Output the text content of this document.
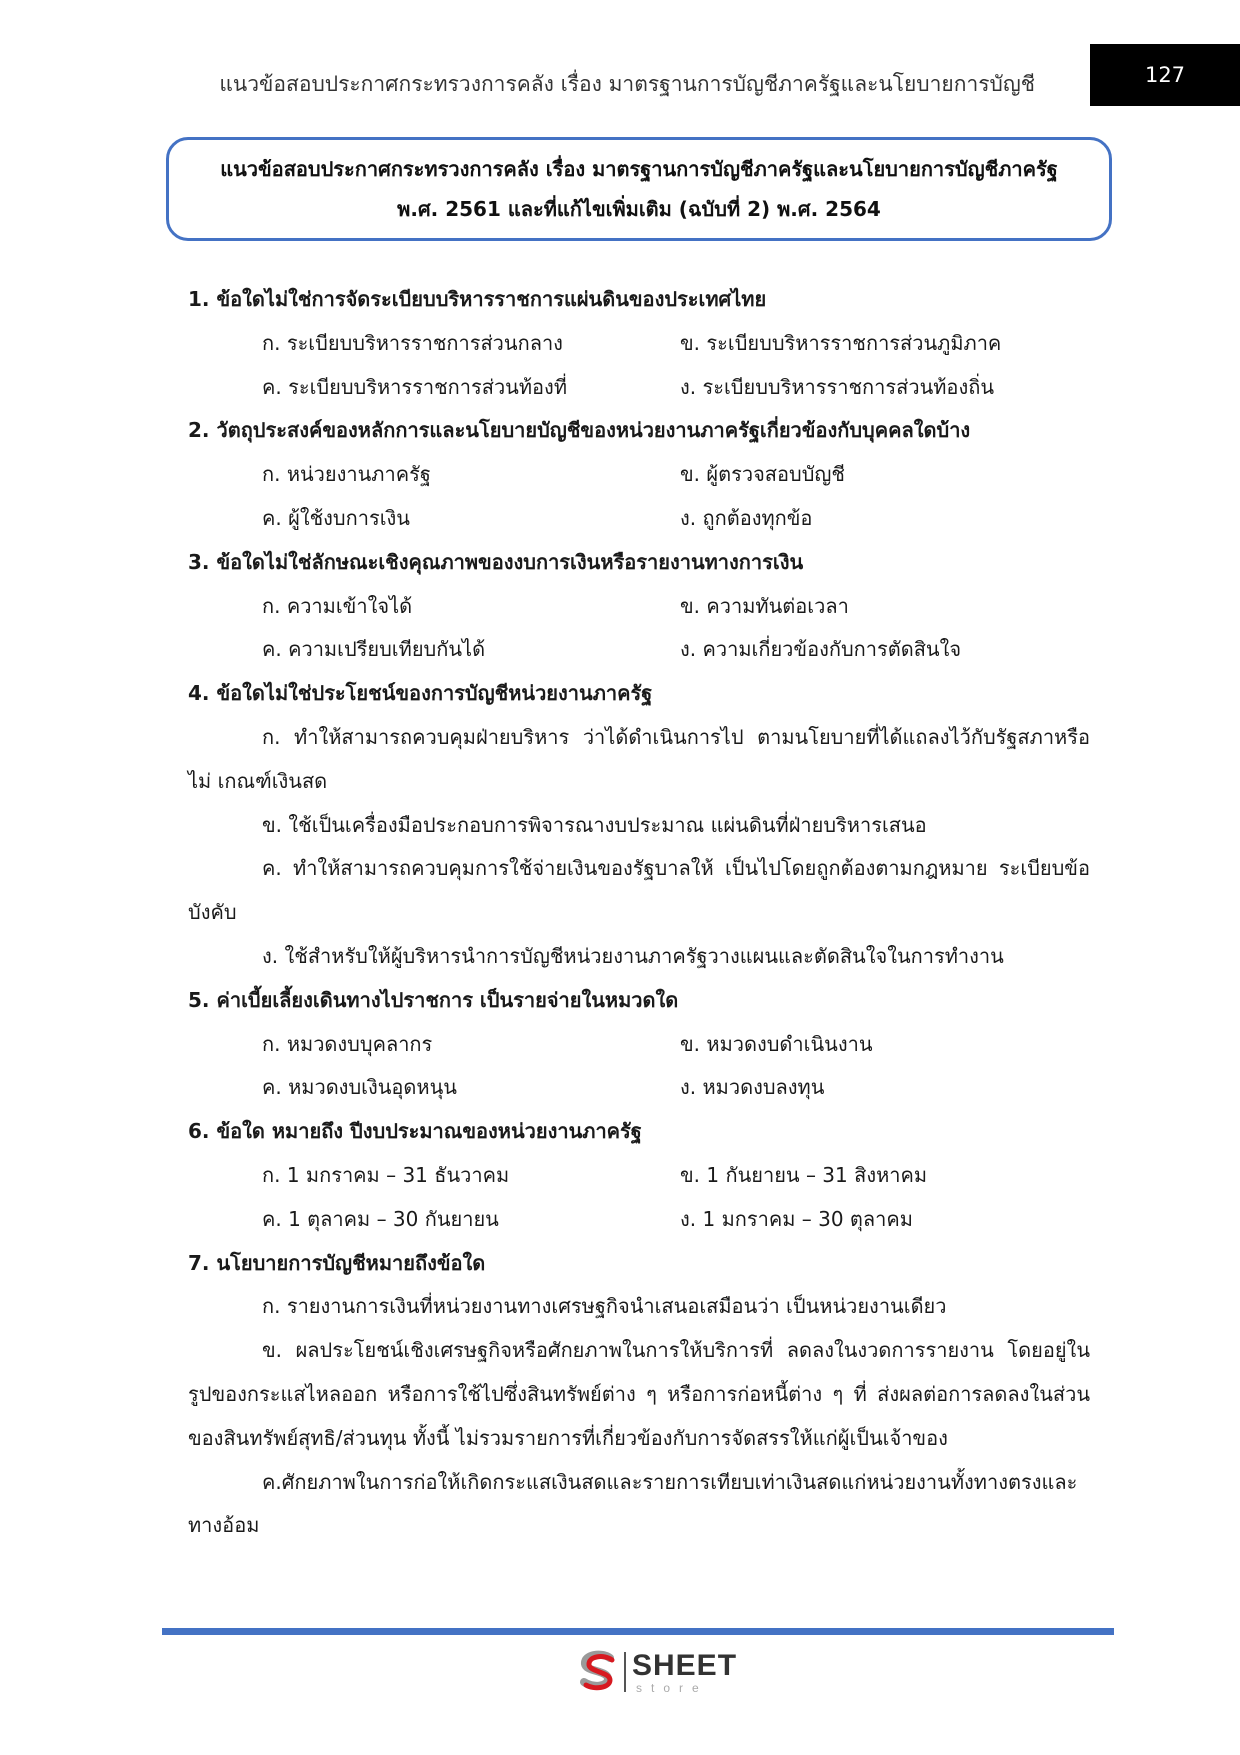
แนวข้อสอบประกาศกระทรวงการคลัง เรื่อง มาตรฐานการบัญชีภาครัฐและนโยบายการบัญชี	127
แนวข้อสอบประกาศกระทรวงการคลัง เรื่อง มาตรฐานการบัญชีภาครัฐและนโยบายการบัญชีภาครัฐ
พ.ศ. 2561 และที่แก้ไขเพิ่มเติม (ฉบับที่ 2) พ.ศ. 2564
1. ข้อใดไม่ใช่การจัดระเบียบบริหารราชการแผ่นดินของประเทศไทย
ก. ระเบียบบริหารราชการส่วนกลาง	ข. ระเบียบบริหารราชการส่วนภูมิภาค
ค. ระเบียบบริหารราชการส่วนท้องที่	ง. ระเบียบบริหารราชการส่วนท้องถิ่น
2. วัตถุประสงค์ของหลักการและนโยบายบัญชีของหน่วยงานภาครัฐเกี่ยวข้องกับบุคคลใดบ้าง
ก. หน่วยงานภาครัฐ	ข. ผู้ตรวจสอบบัญชี
ค. ผู้ใช้งบการเงิน	ง. ถูกต้องทุกข้อ
3. ข้อใดไม่ใช่ลักษณะเชิงคุณภาพของงบการเงินหรือรายงานทางการเงิน
ก. ความเข้าใจได้	ข. ความทันต่อเวลา
ค. ความเปรียบเทียบกันได้	ง. ความเกี่ยวข้องกับการตัดสินใจ
4. ข้อใดไม่ใช่ประโยชน์ของการบัญชีหน่วยงานภาครัฐ
ก. ทำให้สามารถควบคุมฝ่ายบริหาร ว่าได้ดำเนินการไป ตามนโยบายที่ได้แถลงไว้กับรัฐสภาหรือไม่ เกณฑ์เงินสด
ข. ใช้เป็นเครื่องมือประกอบการพิจารณางบประมาณ แผ่นดินที่ฝ่ายบริหารเสนอ
ค. ทำให้สามารถควบคุมการใช้จ่ายเงินของรัฐบาลให้ เป็นไปโดยถูกต้องตามกฎหมาย ระเบียบข้อบังคับ
ง. ใช้สำหรับให้ผู้บริหารนำการบัญชีหน่วยงานภาครัฐวางแผนและตัดสินใจในการทำงาน
5. ค่าเบี้ยเลี้ยงเดินทางไปราชการ เป็นรายจ่ายในหมวดใด
ก. หมวดงบบุคลากร	ข. หมวดงบดำเนินงาน
ค. หมวดงบเงินอุดหนุน	ง. หมวดงบลงทุน
6. ข้อใด หมายถึง ปีงบประมาณของหน่วยงานภาครัฐ
ก. 1 มกราคม – 31 ธันวาคม	ข. 1 กันยายน – 31 สิงหาคม
ค. 1 ตุลาคม – 30 กันยายน	ง. 1 มกราคม – 30 ตุลาคม
7. นโยบายการบัญชีหมายถึงข้อใด
ก. รายงานการเงินที่หน่วยงานทางเศรษฐกิจนำเสนอเสมือนว่า เป็นหน่วยงานเดียว
ข. ผลประโยชน์เชิงเศรษฐกิจหรือศักยภาพในการให้บริการที่ ลดลงในงวดการรายงาน โดยอยู่ในรูปของกระแสไหลออก หรือการใช้ไปซึ่งสินทรัพย์ต่าง ๆ หรือการก่อหนี้ต่าง ๆ ที่ ส่งผลต่อการลดลงในส่วนของสินทรัพย์สุทธิ/ส่วนทุน ทั้งนี้ ไม่รวมรายการที่เกี่ยวข้องกับการจัดสรรให้แก่ผู้เป็นเจ้าของ
ค.ศักยภาพในการก่อให้เกิดกระแสเงินสดและรายการเทียบเท่าเงินสดแก่หน่วยงานทั้งทางตรงและทางอ้อม
SHEET
store
